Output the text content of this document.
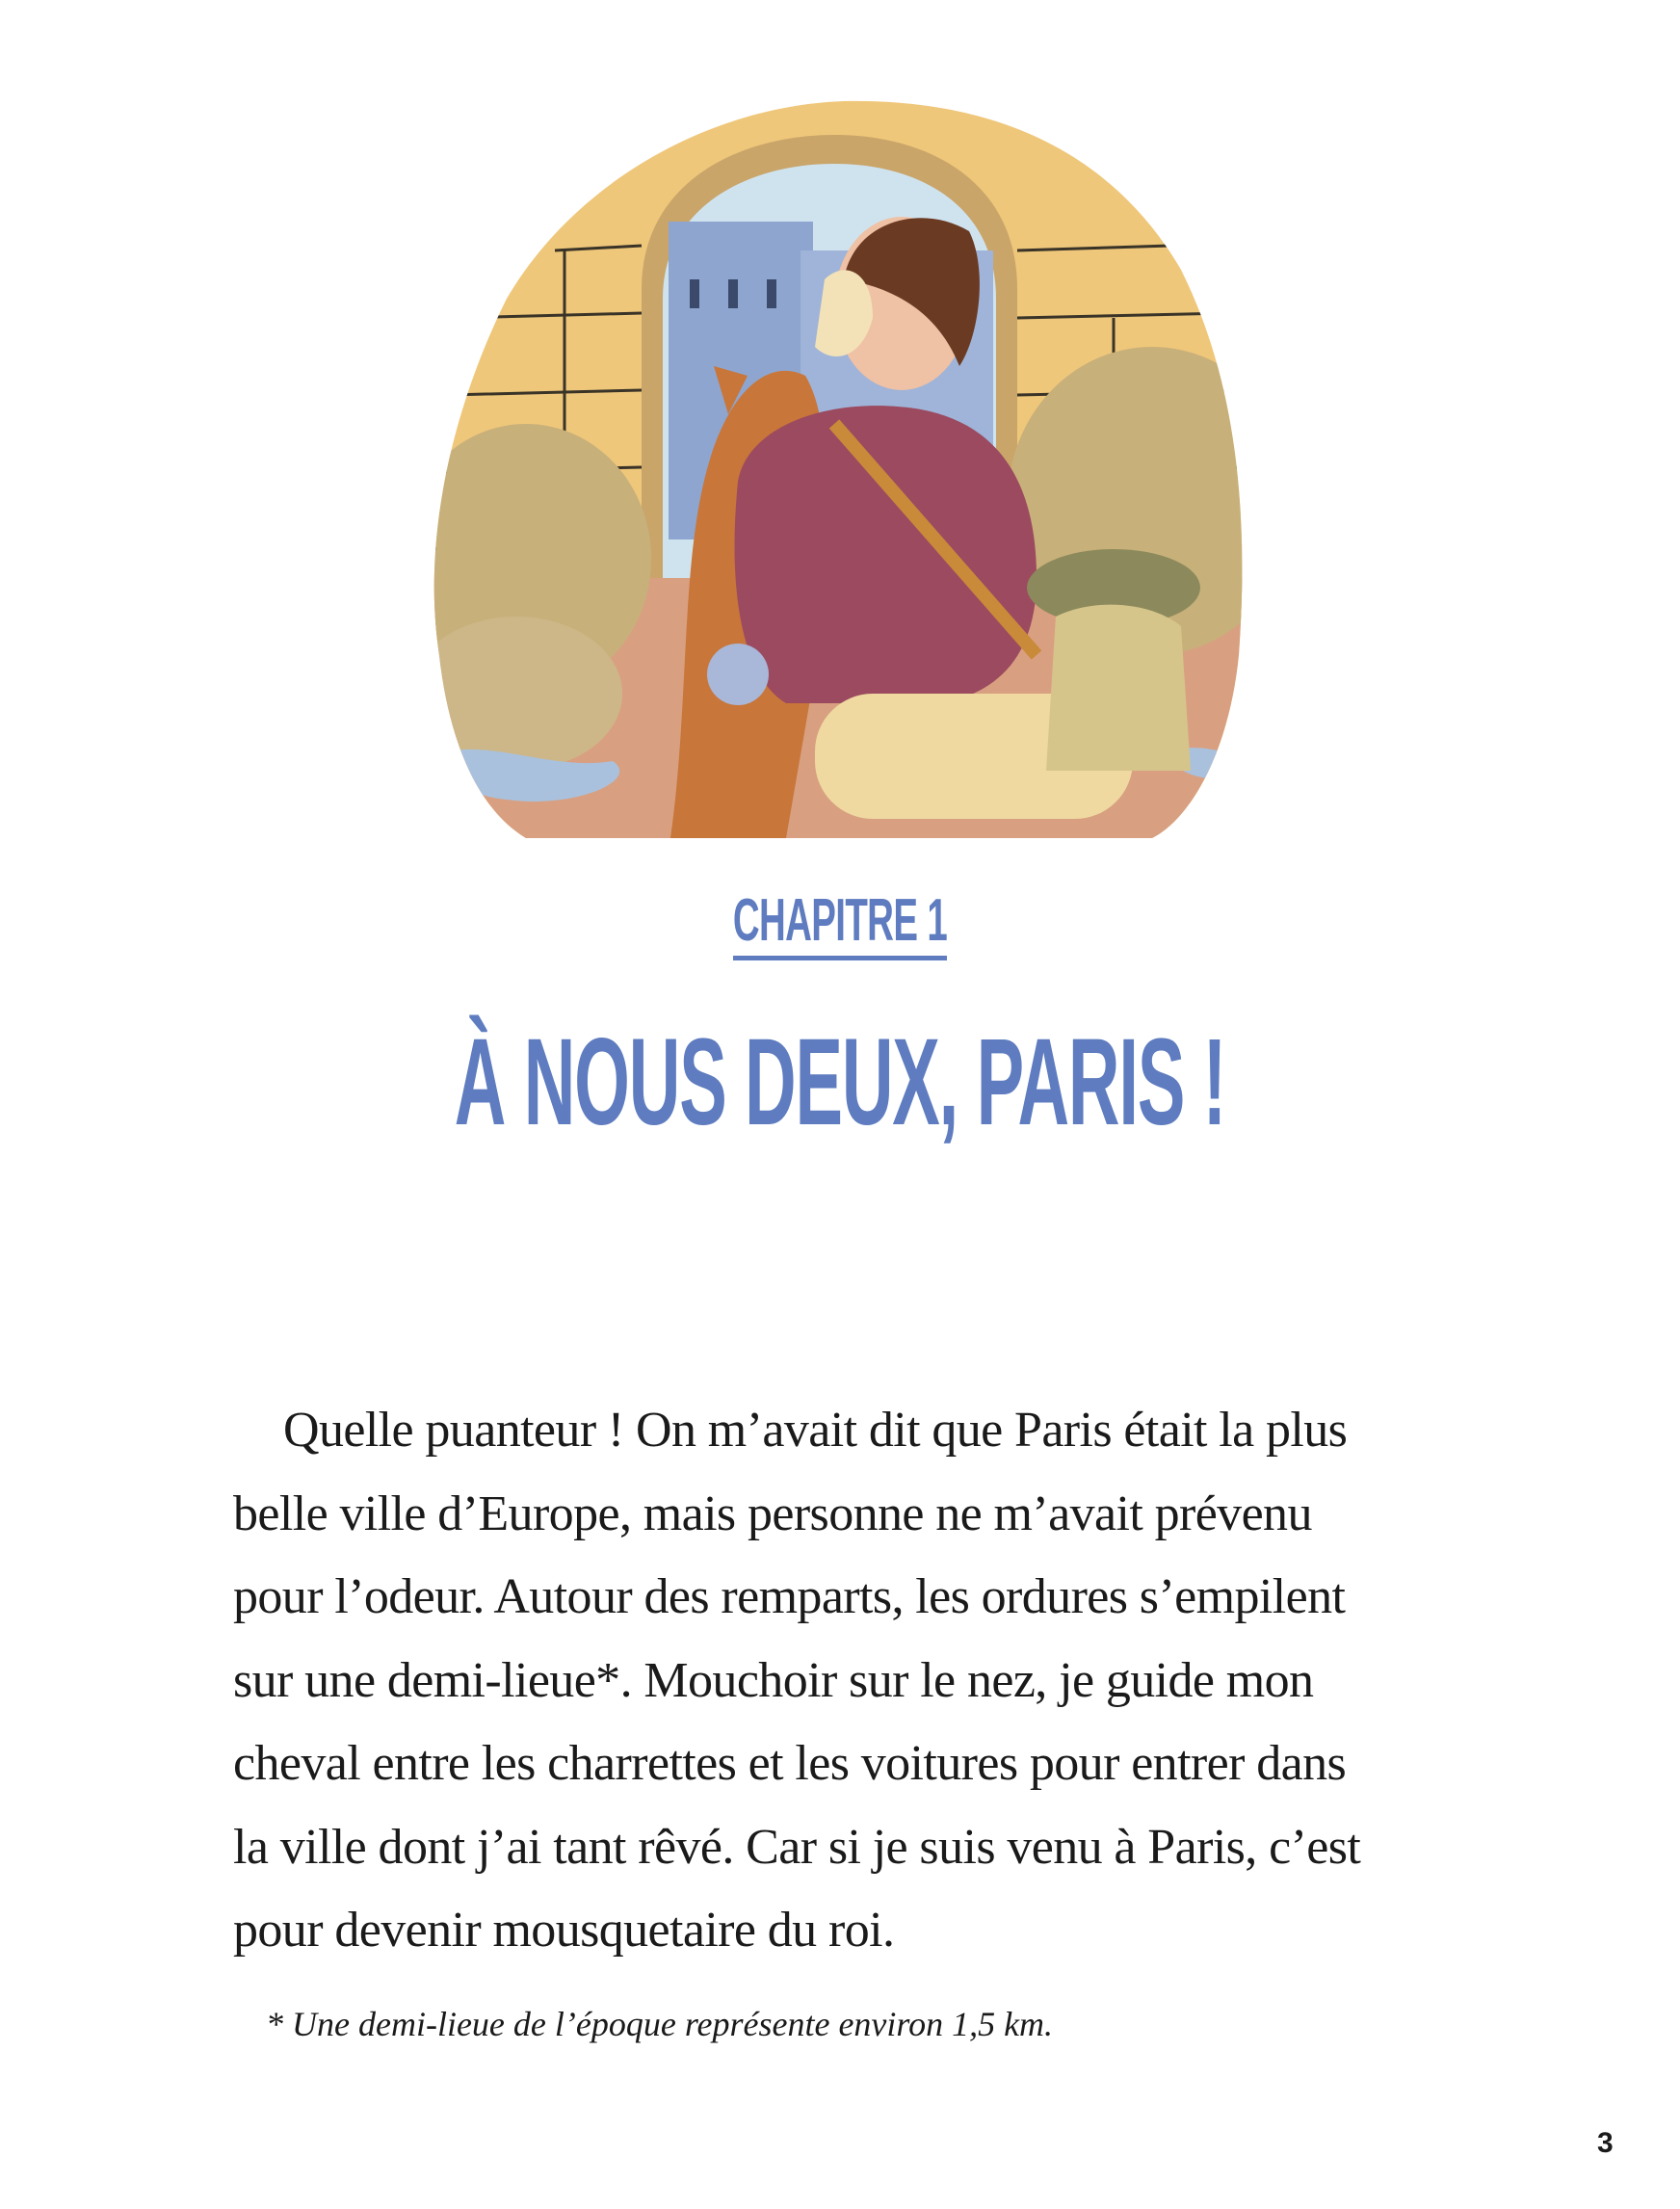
CHAPITRE 1
À NOUS DEUX, PARIS !
Quelle puanteur ! On m’avait dit que Paris était la plus
belle ville d’Europe, mais personne ne m’avait prévenu
pour l’odeur. Autour des remparts, les ordures s’empilent
sur une demi-lieue*. Mouchoir sur le nez, je guide mon
cheval entre les charrettes et les voitures pour entrer dans
la ville dont j’ai tant rêvé. Car si je suis venu à Paris, c’est
pour devenir mousquetaire du roi.
* Une demi-lieue de l’époque représente environ 1,5 km.
3
